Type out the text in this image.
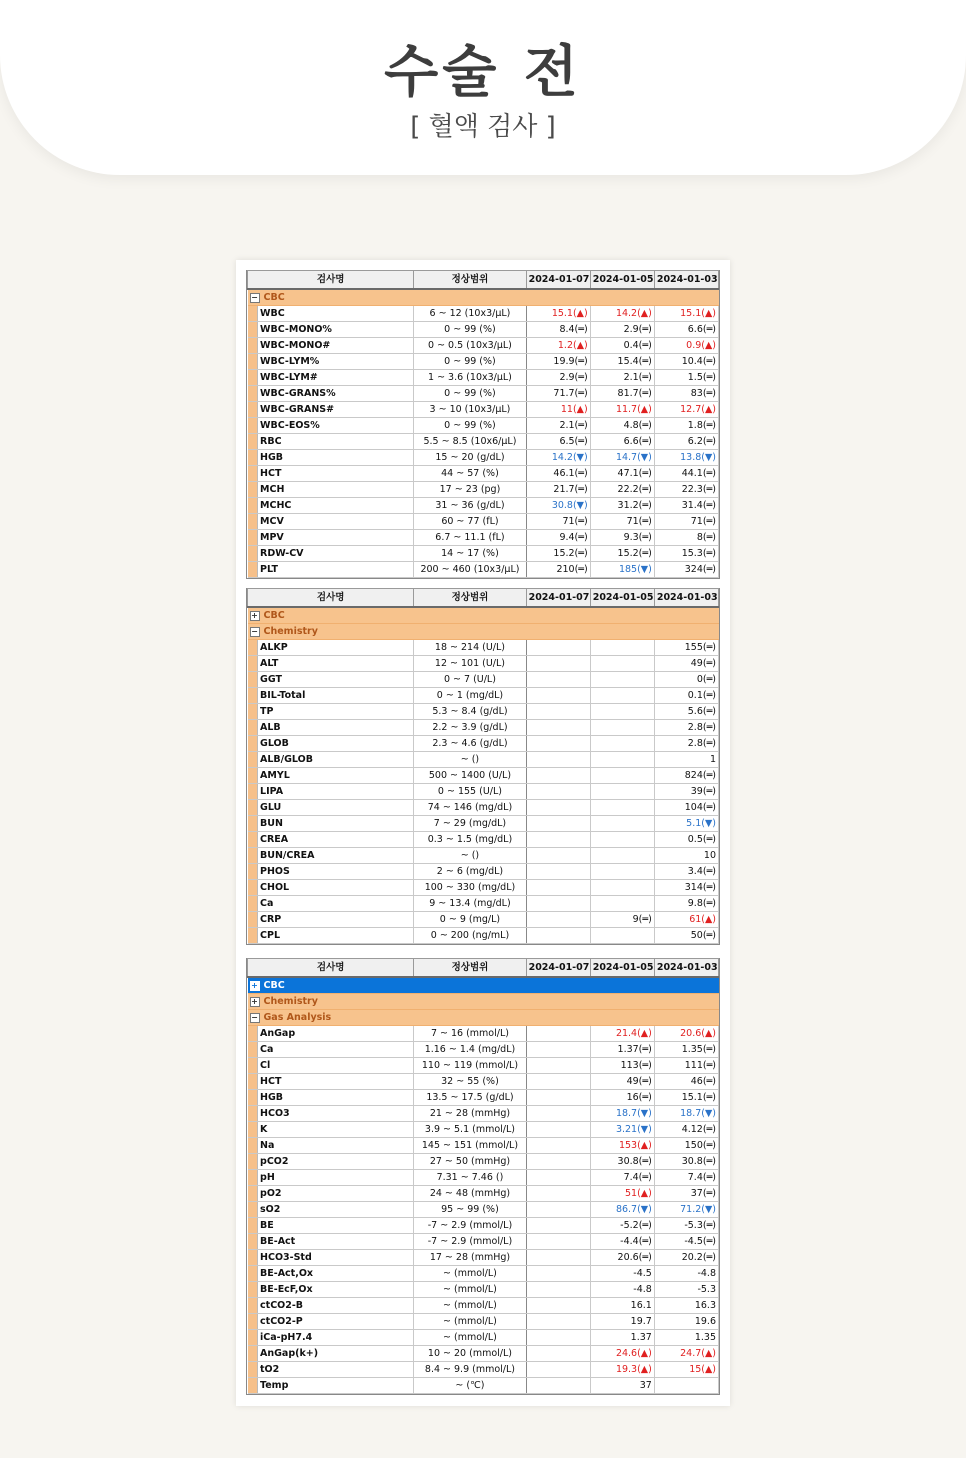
수술 전
[ 혈액 검사 ]
검사명		정상범위	2024-01-07	2024-01-05	2024-01-03
− CBC					
	WBC	6 ~ 12 (10x3/μL)	15.1(▲)	14.2(▲)	15.1(▲)
	WBC-MONO%	0 ~ 99 (%)	8.4(═)	2.9(═)	6.6(═)
	WBC-MONO#	0 ~ 0.5 (10x3/μL)	1.2(▲)	0.4(═)	0.9(▲)
	WBC-LYM%	0 ~ 99 (%)	19.9(═)	15.4(═)	10.4(═)
	WBC-LYM#	1 ~ 3.6 (10x3/μL)	2.9(═)	2.1(═)	1.5(═)
	WBC-GRANS%	0 ~ 99 (%)	71.7(═)	81.7(═)	83(═)
	WBC-GRANS#	3 ~ 10 (10x3/μL)	11(▲)	11.7(▲)	12.7(▲)
	WBC-EOS%	0 ~ 99 (%)	2.1(═)	4.8(═)	1.8(═)
	RBC	5.5 ~ 8.5 (10x6/μL)	6.5(═)	6.6(═)	6.2(═)
	HGB	15 ~ 20 (g/dL)	14.2(▼)	14.7(▼)	13.8(▼)
	HCT	44 ~ 57 (%)	46.1(═)	47.1(═)	44.1(═)
	MCH	17 ~ 23 (pg)	21.7(═)	22.2(═)	22.3(═)
	MCHC	31 ~ 36 (g/dL)	30.8(▼)	31.2(═)	31.4(═)
	MCV	60 ~ 77 (fL)	71(═)	71(═)	71(═)
	MPV	6.7 ~ 11.1 (fL)	9.4(═)	9.3(═)	8(═)
	RDW-CV	14 ~ 17 (%)	15.2(═)	15.2(═)	15.3(═)
	PLT	200 ~ 460 (10x3/μL)	210(═)	185(▼)	324(═)
검사명		정상범위	2024-01-07	2024-01-05	2024-01-03
+ CBC					
− Chemistry					
	ALKP	18 ~ 214 (U/L)			155(═)
	ALT	12 ~ 101 (U/L)			49(═)
	GGT	0 ~ 7 (U/L)			0(═)
	BIL-Total	0 ~ 1 (mg/dL)			0.1(═)
	TP	5.3 ~ 8.4 (g/dL)			5.6(═)
	ALB	2.2 ~ 3.9 (g/dL)			2.8(═)
	GLOB	2.3 ~ 4.6 (g/dL)			2.8(═)
	ALB/GLOB	~ ()			1
	AMYL	500 ~ 1400 (U/L)			824(═)
	LIPA	0 ~ 155 (U/L)			39(═)
	GLU	74 ~ 146 (mg/dL)			104(═)
	BUN	7 ~ 29 (mg/dL)			5.1(▼)
	CREA	0.3 ~ 1.5 (mg/dL)			0.5(═)
	BUN/CREA	~ ()			10
	PHOS	2 ~ 6 (mg/dL)			3.4(═)
	CHOL	100 ~ 330 (mg/dL)			314(═)
	Ca	9 ~ 13.4 (mg/dL)			9.8(═)
	CRP	0 ~ 9 (mg/L)		9(═)	61(▲)
	CPL	0 ~ 200 (ng/mL)			50(═)
검사명		정상범위	2024-01-07	2024-01-05	2024-01-03
+ CBC					
+ Chemistry					
− Gas Analysis					
	AnGap	7 ~ 16 (mmol/L)		21.4(▲)	20.6(▲)
	Ca	1.16 ~ 1.4 (mg/dL)		1.37(═)	1.35(═)
	Cl	110 ~ 119 (mmol/L)		113(═)	111(═)
	HCT	32 ~ 55 (%)		49(═)	46(═)
	HGB	13.5 ~ 17.5 (g/dL)		16(═)	15.1(═)
	HCO3	21 ~ 28 (mmHg)		18.7(▼)	18.7(▼)
	K	3.9 ~ 5.1 (mmol/L)		3.21(▼)	4.12(═)
	Na	145 ~ 151 (mmol/L)		153(▲)	150(═)
	pCO2	27 ~ 50 (mmHg)		30.8(═)	30.8(═)
	pH	7.31 ~ 7.46 ()		7.4(═)	7.4(═)
	pO2	24 ~ 48 (mmHg)		51(▲)	37(═)
	sO2	95 ~ 99 (%)		86.7(▼)	71.2(▼)
	BE	-7 ~ 2.9 (mmol/L)		-5.2(═)	-5.3(═)
	BE-Act	-7 ~ 2.9 (mmol/L)		-4.4(═)	-4.5(═)
	HCO3-Std	17 ~ 28 (mmHg)		20.6(═)	20.2(═)
	BE-Act,Ox	~ (mmol/L)		-4.5	-4.8
	BE-EcF,Ox	~ (mmol/L)		-4.8	-5.3
	ctCO2-B	~ (mmol/L)		16.1	16.3
	ctCO2-P	~ (mmol/L)		19.7	19.6
	iCa-pH7.4	~ (mmol/L)		1.37	1.35
	AnGap(k+)	10 ~ 20 (mmol/L)		24.6(▲)	24.7(▲)
	tO2	8.4 ~ 9.9 (mmol/L)		19.3(▲)	15(▲)
	Temp	~ (℃)		37	
